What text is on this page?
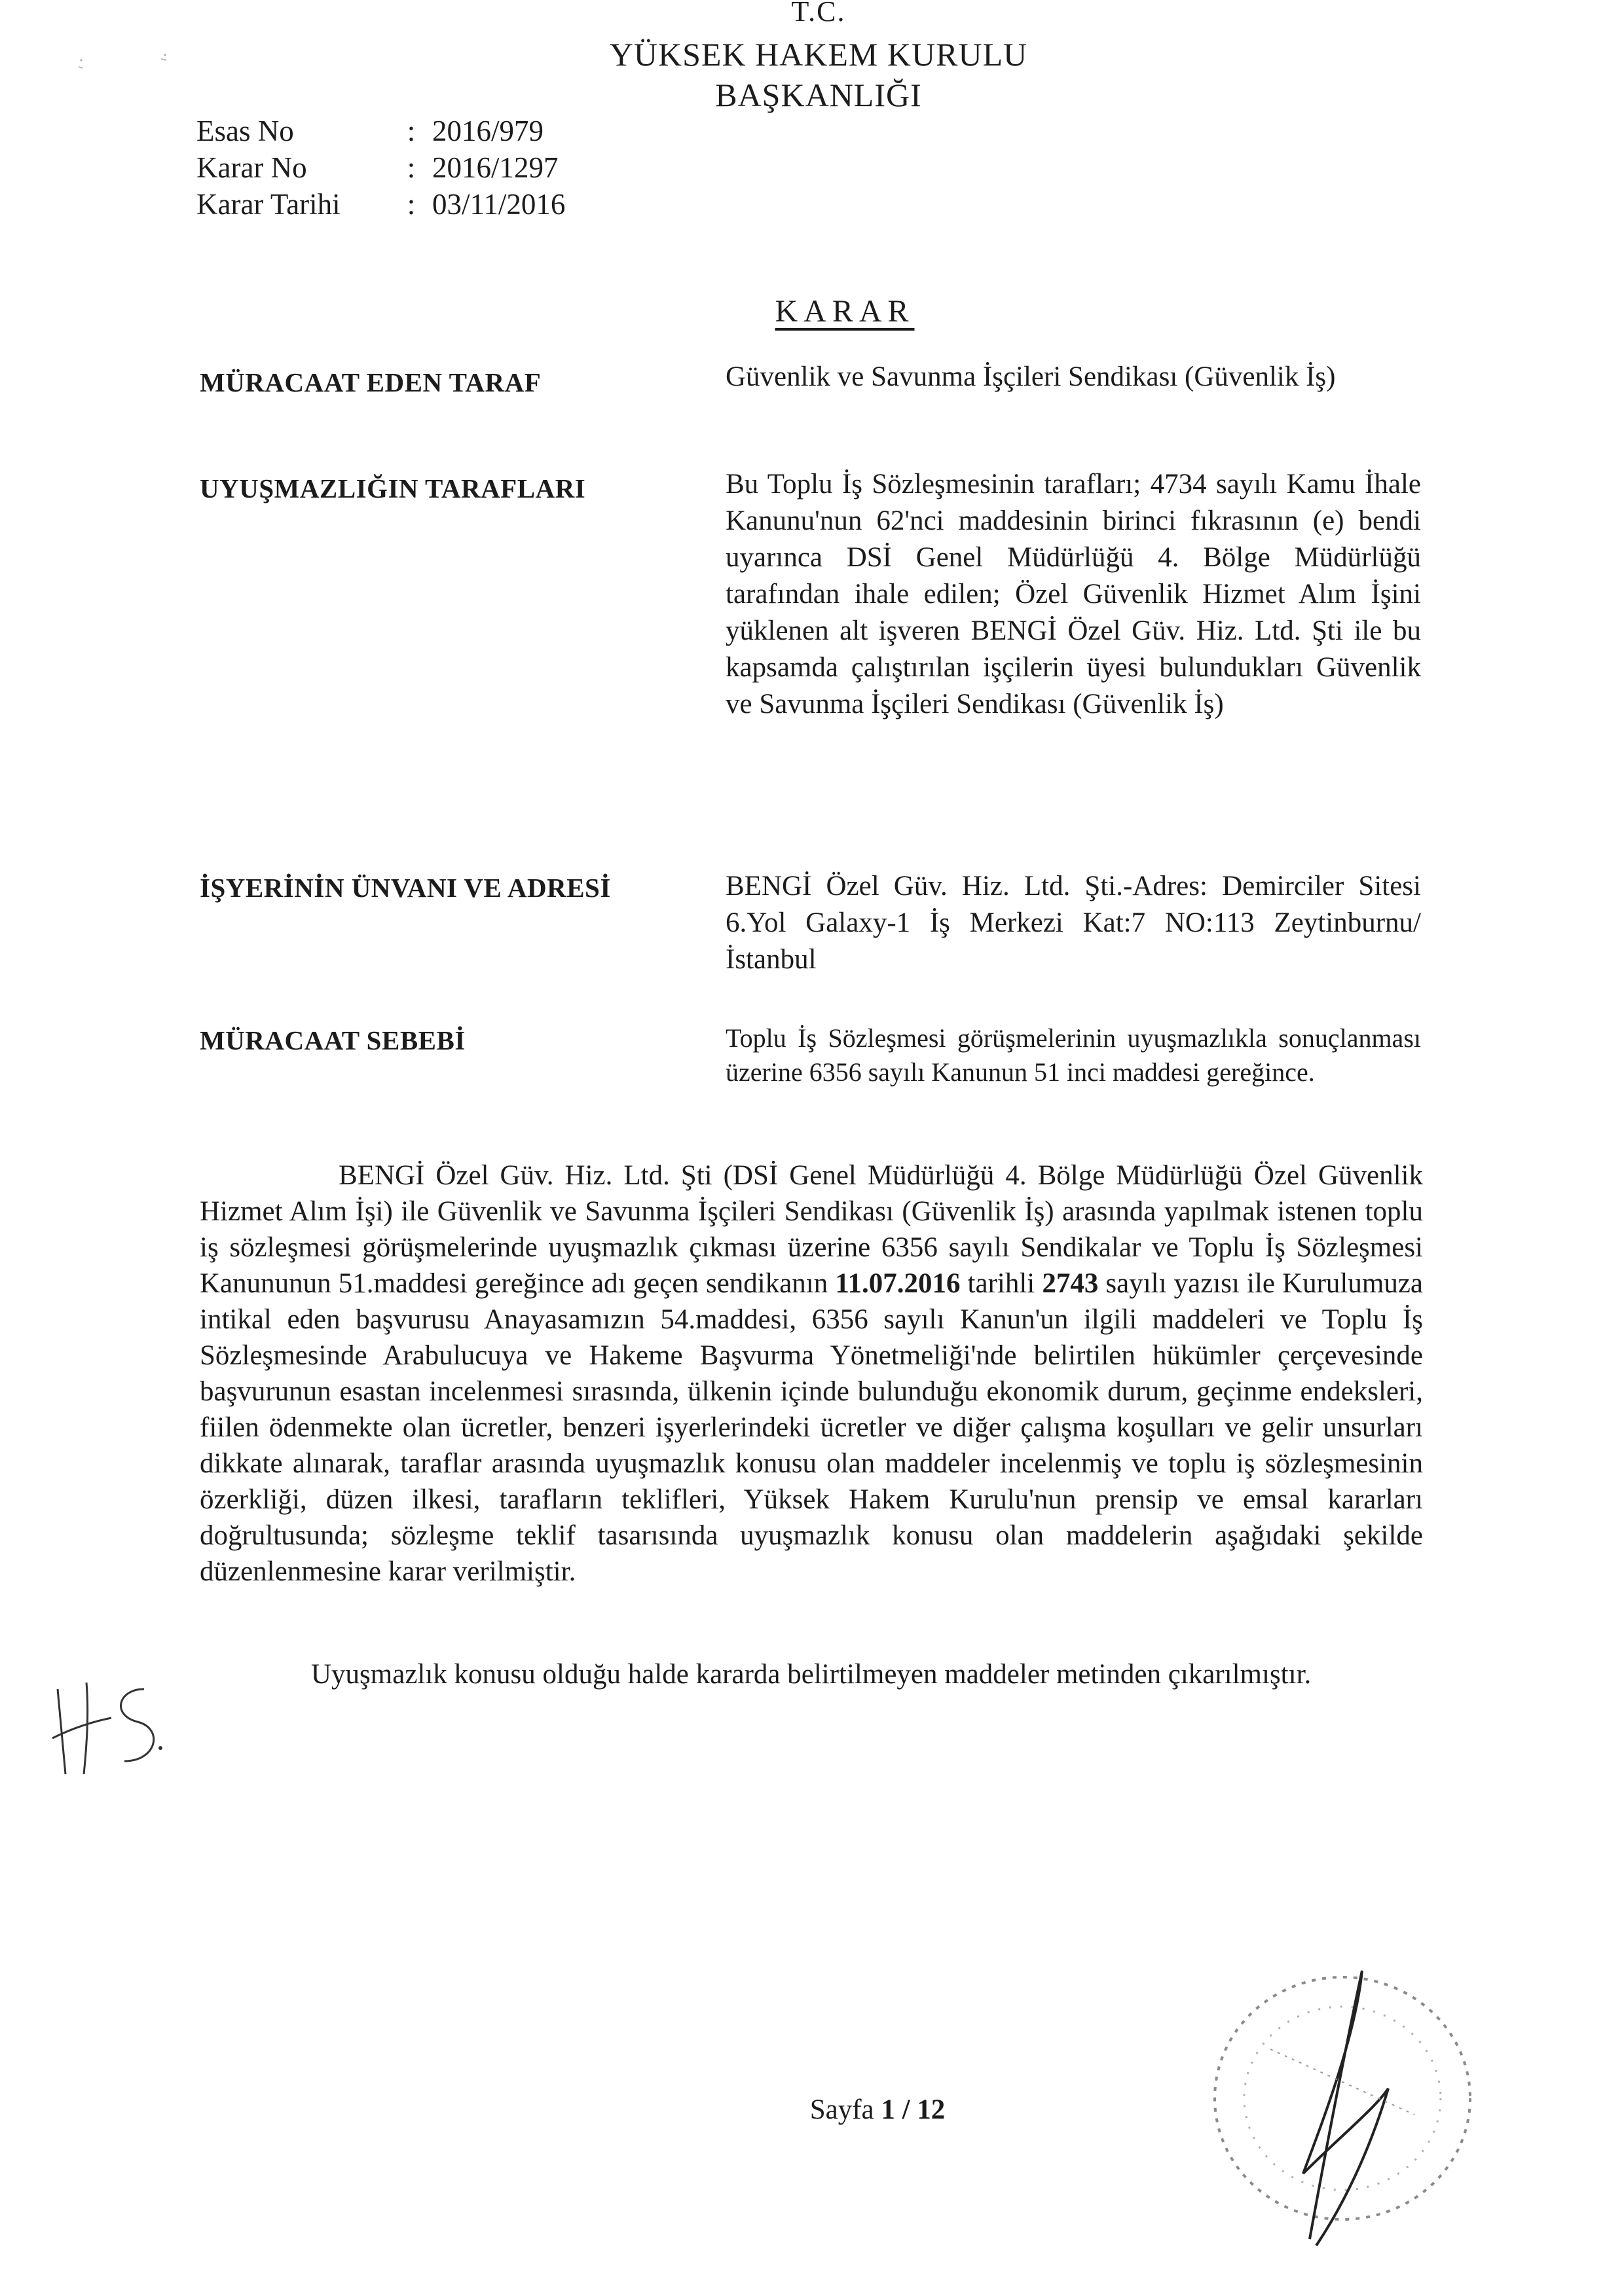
T.C.
YÜKSEK HAKEM KURULU
BAŞKANLIĞI
Esas No	: 2016/979
Karar No	: 2016/1297
Karar Tarihi	: 03/11/2016
KARAR
MÜRACAAT EDEN TARAF	Güvenlik ve Savunma İşçileri Sendikası (Güvenlik İş)
UYUŞMAZLIĞIN TARAFLARI	Bu Toplu İş Sözleşmesinin tarafları; 4734 sayılı Kamu İhale Kanunu'nun 62'nci maddesinin birinci fıkrasının (e) bendi uyarınca DSİ Genel Müdürlüğü 4. Bölge Müdürlüğü tarafından ihale edilen; Özel Güvenlik Hizmet Alım İşini yüklenen alt işveren BENGİ Özel Güv. Hiz. Ltd. Şti ile bu kapsamda çalıştırılan işçilerin üyesi bulundukları Güvenlik ve Savunma İşçileri Sendikası (Güvenlik İş)
İŞYERİNİN ÜNVANI VE ADRESİ	BENGİ Özel Güv. Hiz. Ltd. Şti.-Adres: Demirciler Sitesi 6.Yol Galaxy-1 İş Merkezi Kat:7 NO:113 Zeytinburnu/İstanbul
MÜRACAAT SEBEBİ	Toplu İş Sözleşmesi görüşmelerinin uyuşmazlıkla sonuçlanması üzerine 6356 sayılı Kanunun 51 inci maddesi gereğince.

BENGİ Özel Güv. Hiz. Ltd. Şti (DSİ Genel Müdürlüğü 4. Bölge Müdürlüğü Özel Güvenlik Hizmet Alım İşi) ile Güvenlik ve Savunma İşçileri Sendikası (Güvenlik İş) arasında yapılmak istenen toplu iş sözleşmesi görüşmelerinde uyuşmazlık çıkması üzerine 6356 sayılı Sendikalar ve Toplu İş Sözleşmesi Kanununun 51.maddesi gereğince adı geçen sendikanın 11.07.2016 tarihli 2743 sayılı yazısı ile Kurulumuza intikal eden başvurusu Anayasamızın 54.maddesi, 6356 sayılı Kanun'un ilgili maddeleri ve Toplu İş Sözleşmesinde Arabulucuya ve Hakeme Başvurma Yönetmeliği'nde belirtilen hükümler çerçevesinde başvurunun esastan incelenmesi sırasında, ülkenin içinde bulunduğu ekonomik durum, geçinme endeksleri, fiilen ödenmekte olan ücretler, benzeri işyerlerindeki ücretler ve diğer çalışma koşulları ve gelir unsurları dikkate alınarak, taraflar arasında uyuşmazlık konusu olan maddeler incelenmiş ve toplu iş sözleşmesinin özerkliği, düzen ilkesi, tarafların teklifleri, Yüksek Hakem Kurulu'nun prensip ve emsal kararları doğrultusunda; sözleşme teklif tasarısında uyuşmazlık konusu olan maddelerin aşağıdaki şekilde düzenlenmesine karar verilmiştir.

Uyuşmazlık konusu olduğu halde kararda belirtilmeyen maddeler metinden çıkarılmıştır.
Sayfa 1 / 12
